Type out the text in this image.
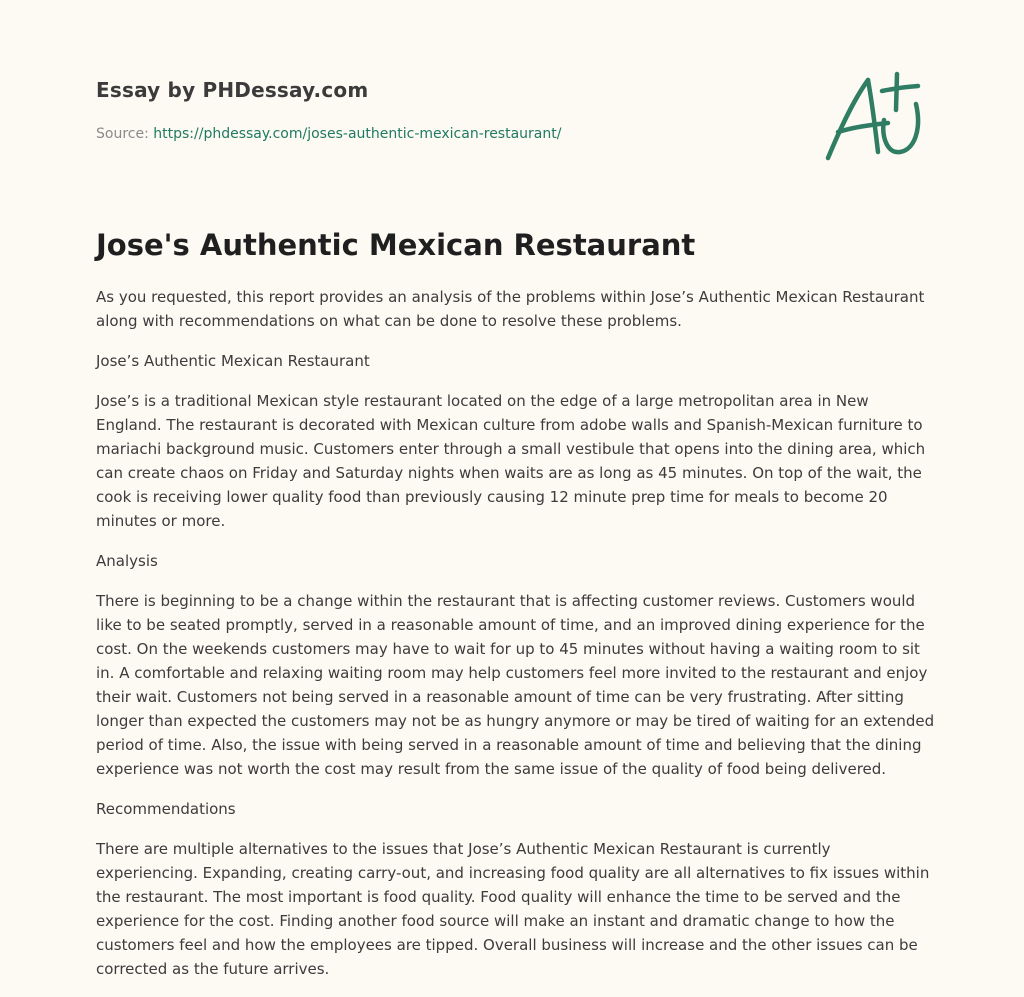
Essay by PHDessay.com
Source: https://phdessay.com/joses-authentic-mexican-restaurant/
Jose's Authentic Mexican Restaurant

As you requested, this report provides an analysis of the problems within Jose’s Authentic Mexican Restaurant along with recommendations on what can be done to resolve these problems.

Jose’s Authentic Mexican Restaurant

Jose’s is a traditional Mexican style restaurant located on the edge of a large metropolitan area in New England. The restaurant is decorated with Mexican culture from adobe walls and Spanish-Mexican furniture to mariachi background music. Customers enter through a small vestibule that opens into the dining area, which can create chaos on Friday and Saturday nights when waits are as long as 45 minutes. On top of the wait, the cook is receiving lower quality food than previously causing 12 minute prep time for meals to become 20 minutes or more.

Analysis

There is beginning to be a change within the restaurant that is affecting customer reviews. Customers would like to be seated promptly, served in a reasonable amount of time, and an improved dining experience for the cost. On the weekends customers may have to wait for up to 45 minutes without having a waiting room to sit in. A comfortable and relaxing waiting room may help customers feel more invited to the restaurant and enjoy their wait. Customers not being served in a reasonable amount of time can be very frustrating. After sitting longer than expected the customers may not be as hungry anymore or may be tired of waiting for an extended period of time. Also, the issue with being served in a reasonable amount of time and believing that the dining experience was not worth the cost may result from the same issue of the quality of food being delivered.

Recommendations

There are multiple alternatives to the issues that Jose’s Authentic Mexican Restaurant is currently experiencing. Expanding, creating carry-out, and increasing food quality are all alternatives to fix issues within the restaurant. The most important is food quality. Food quality will enhance the time to be served and the experience for the cost. Finding another food source will make an instant and dramatic change to how the customers feel and how the employees are tipped. Overall business will increase and the other issues can be corrected as the future arrives.
